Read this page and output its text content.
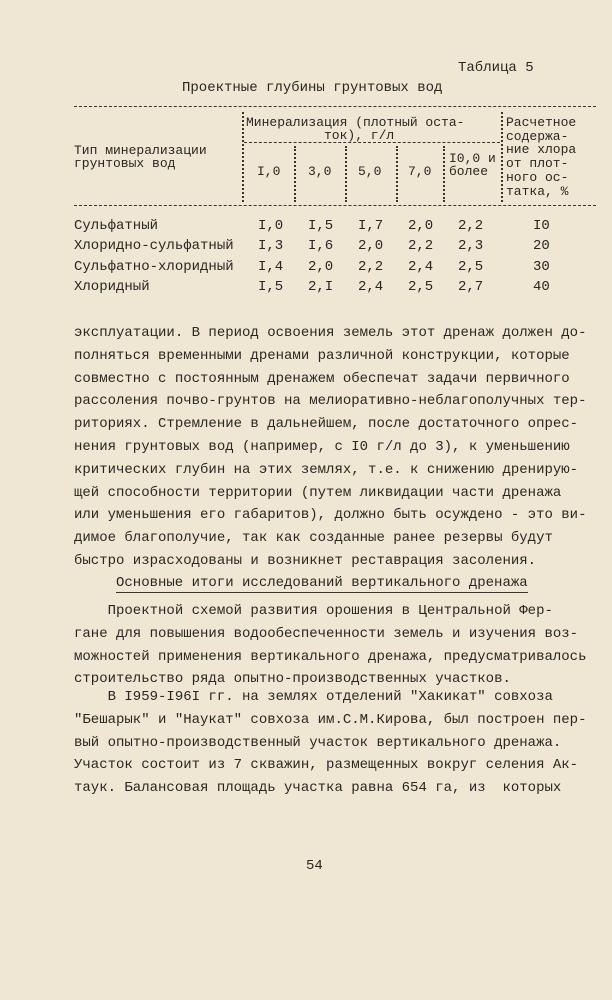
Таблица 5
Проектные глубины грунтовых вод
Тип минерализации
грунтовых вод
Минерализация (плотный оста-
ток), г/л
I,0 3,0 5,0 7,0
I0,0 и
более
Расчетное
содержа-
ние хлора
от плот-
ного ос-
татка, %
Сульфатный	I,0 I,5 I,7 2,0 2,2	I0
Хлоридно-сульфатный I,3 I,6 2,0 2,2 2,3	20
Сульфатно-хлоридный I,4 2,0 2,2 2,4 2,5	30
Хлоридный	I,5 2,I 2,4 2,5 2,7	40

эксплуатации. В период освоения земель этот дренаж должен до-

полняться временными дренами различной конструкции, которые

совместно с постоянным дренажем обеспечат задачи первичного

рассоления почво-грунтов на мелиоративно-неблагополучных тер-

риториях. Стремление в дальнейшем, после достаточного опрес-

нения грунтовых вод (например, с I0 г/л до 3), к уменьшению

критических глубин на этих землях, т.е. к снижению дренирую-

щей способности территории (путем ликвидации части дренажа

или уменьшения его габаритов), должно быть осуждено - это ви-

димое благополучие, так как созданные ранее резервы будут

быстро израсходованы и возникнет реставрация засоления.

Основные итоги исследований вертикального дренажа

Проектной схемой развития орошения в Центральной Фер-

гане для повышения водообеспеченности земель и изучения воз-

можностей применения вертикального дренажа, предусматривалось

строительство ряда опытно-производственных участков.

В I959-I96I гг. на землях отделений "Хакикат" совхоза

"Бешарык" и "Наукат" совхоза им.С.М.Кирова, был построен пер-

вый опытно-производственный участок вертикального дренажа.

Участок состоит из 7 скважин, размещенных вокруг селения Ак-

таук. Балансовая площадь участка равна 654 га, из  которых

54
